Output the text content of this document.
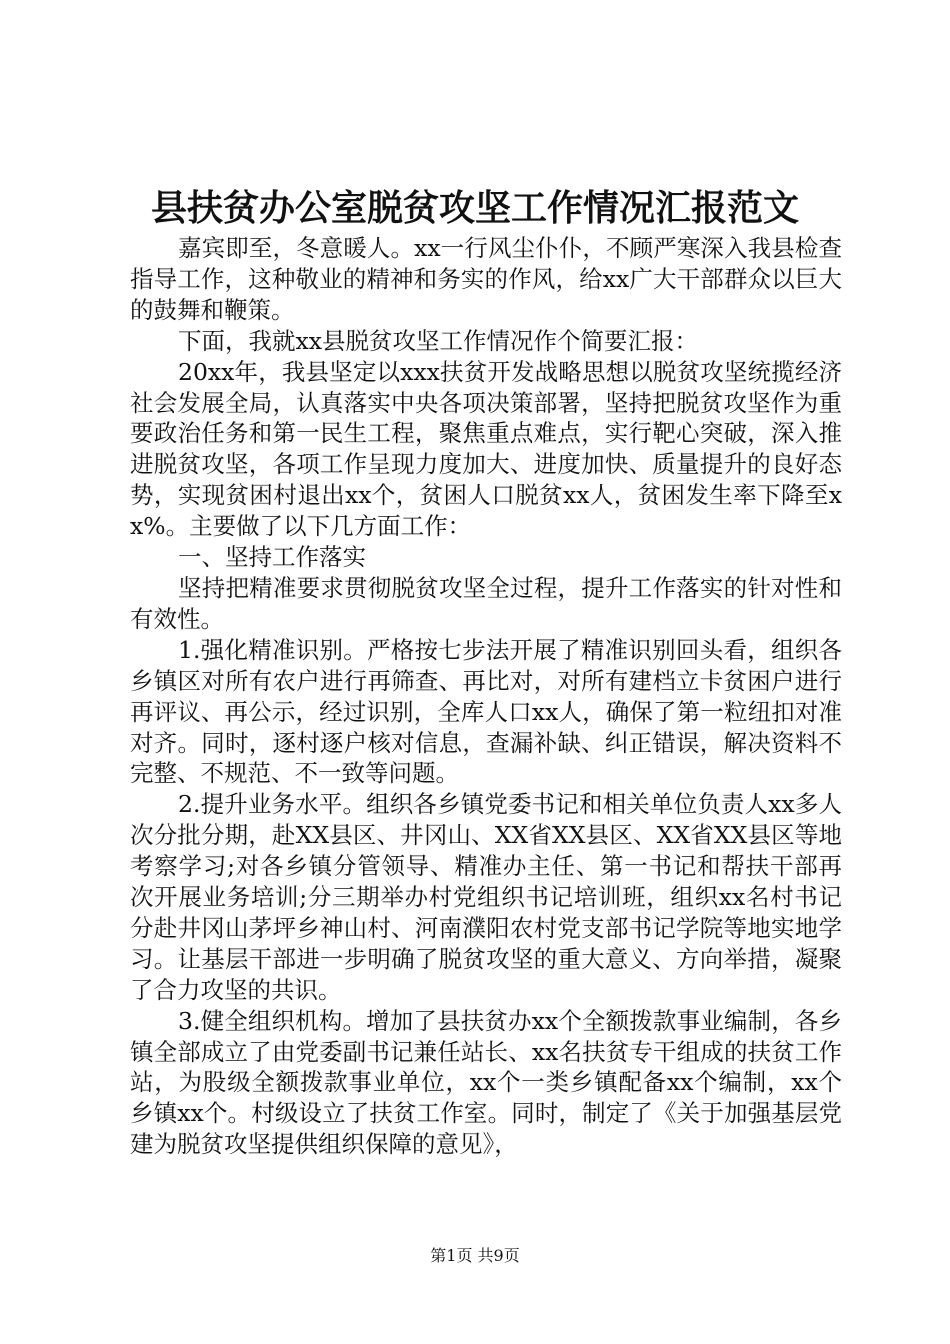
县扶贫办公室脱贫攻坚工作情况汇报范文

嘉宾即至，冬意暖人。xx一行风尘仆仆，不顾严寒深入我县检查指导工作，这种敬业的精神和务实的作风，给xx广大干部群众以巨大的鼓舞和鞭策。

下面，我就xx县脱贫攻坚工作情况作个简要汇报：

20xx年，我县坚定以xxx扶贫开发战略思想以脱贫攻坚统揽经济社会发展全局，认真落实中央各项决策部署，坚持把脱贫攻坚作为重要政治任务和第一民生工程，聚焦重点难点，实行靶心突破，深入推进脱贫攻坚，各项工作呈现力度加大、进度加快、质量提升的良好态势，实现贫困村退出xx个，贫困人口脱贫xx人，贫困发生率下降至xx%。主要做了以下几方面工作：

一、坚持工作落实

坚持把精准要求贯彻脱贫攻坚全过程，提升工作落实的针对性和有效性。

1.强化精准识别。严格按七步法开展了精准识别回头看，组织各乡镇区对所有农户进行再筛查、再比对，对所有建档立卡贫困户进行再评议、再公示，经过识别，全库人口xx人，确保了第一粒纽扣对准对齐。同时，逐村逐户核对信息，查漏补缺、纠正错误，解决资料不完整、不规范、不一致等问题。

2.提升业务水平。组织各乡镇党委书记和相关单位负责人xx多人次分批分期，赴XX县区、井冈山、XX省XX县区、XX省XX县区等地考察学习;对各乡镇分管领导、精准办主任、第一书记和帮扶干部再次开展业务培训;分三期举办村党组织书记培训班，组织xx名村书记分赴井冈山茅坪乡神山村、河南濮阳农村党支部书记学院等地实地学习。让基层干部进一步明确了脱贫攻坚的重大意义、方向举措，凝聚了合力攻坚的共识。

3.健全组织机构。增加了县扶贫办xx个全额拨款事业编制，各乡镇全部成立了由党委副书记兼任站长、xx名扶贫专干组成的扶贫工作站，为股级全额拨款事业单位，xx个一类乡镇配备xx个编制，xx个乡镇xx个。村级设立了扶贫工作室。同时，制定了《关于加强基层党建为脱贫攻坚提供组织保障的意见》，

第1页 共9页
